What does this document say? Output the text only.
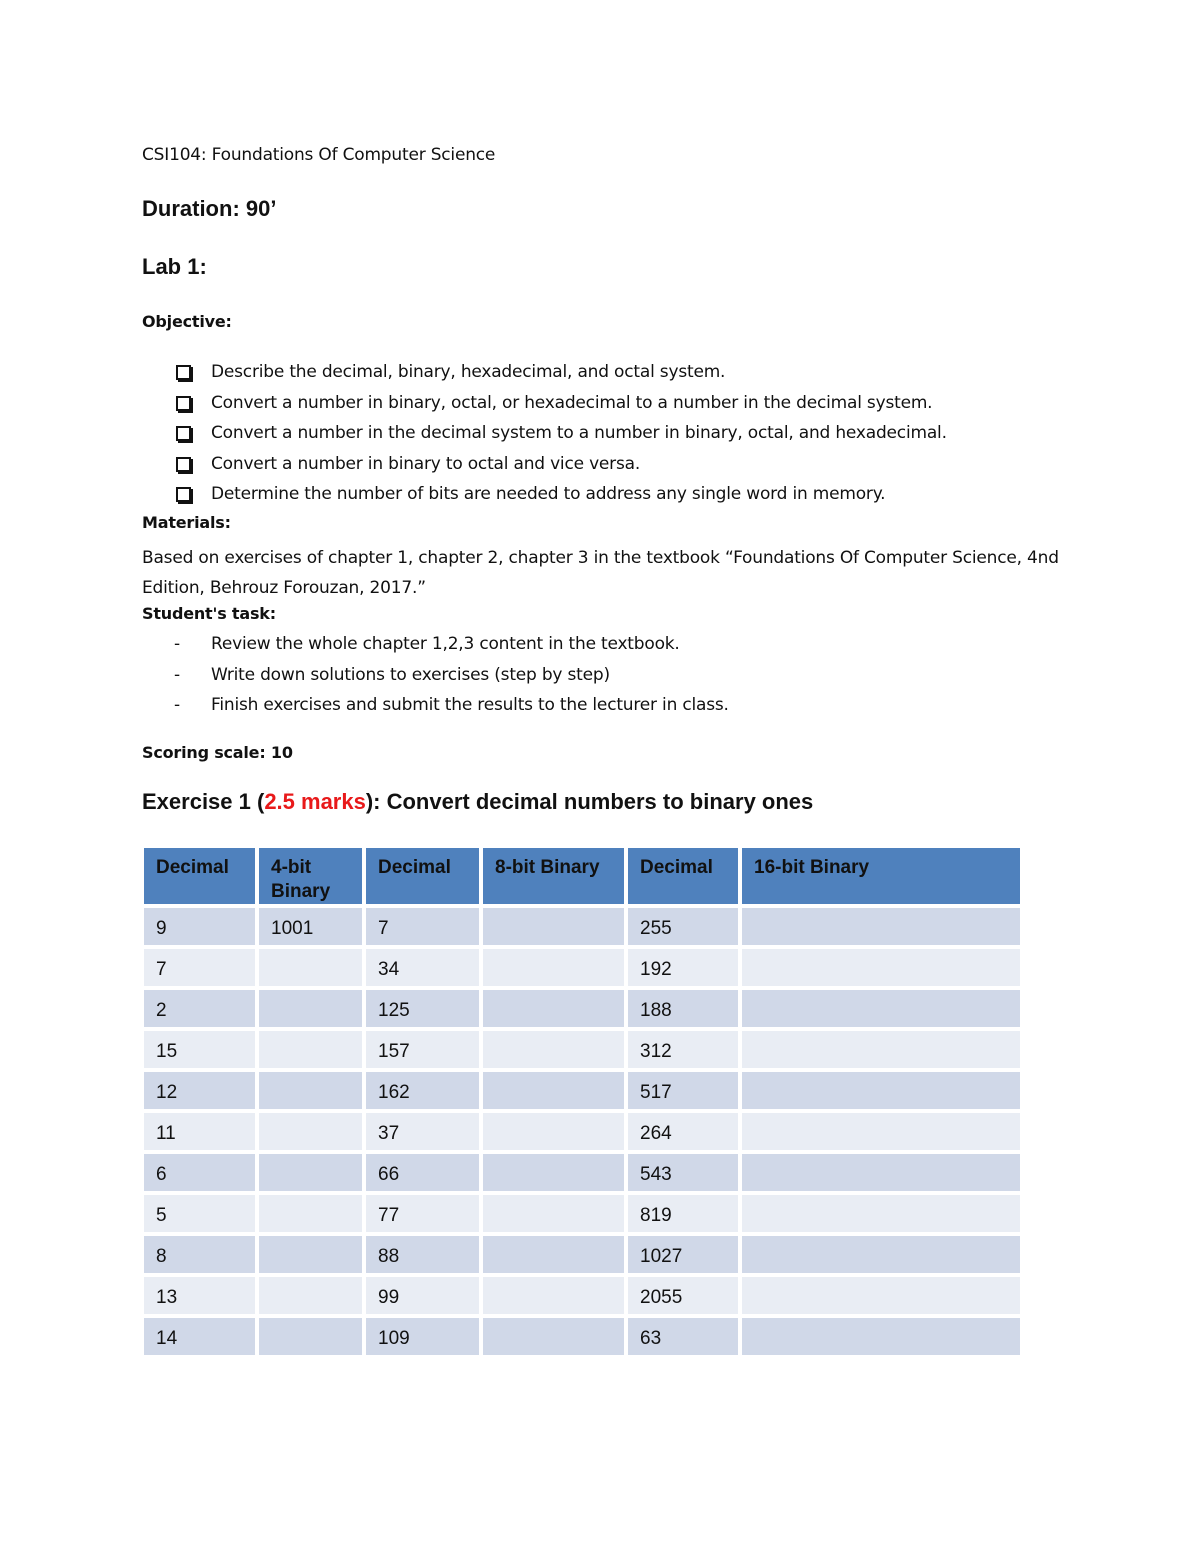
CSI104: Foundations Of Computer Science
Duration: 90’
Lab 1:
Objective:
Describe the decimal, binary, hexadecimal, and octal system.
Convert a number in binary, octal, or hexadecimal to a number in the decimal system.
Convert a number in the decimal system to a number in binary, octal, and hexadecimal.
Convert a number in binary to octal and vice versa.
Determine the number of bits are needed to address any single word in memory.
Materials:
Based on exercises of chapter 1, chapter 2, chapter 3 in the textbook “Foundations Of Computer Science, 4nd Edition, Behrouz Forouzan, 2017.”
Student's task:
-	Review the whole chapter 1,2,3 content in the textbook.
-	Write down solutions to exercises (step by step)
-	Finish exercises and submit the results to the lecturer in class.
Scoring scale: 10
Exercise 1 (2.5 marks): Convert decimal numbers to binary ones
Decimal	4-bit Binary	Decimal	8-bit Binary	Decimal	16-bit Binary
9	1001	7		255	
7		34		192	
2		125		188	
15		157		312	
12		162		517	
11		37		264	
6		66		543	
5		77		819	
8		88		1027	
13		99		2055	
14		109		63	
